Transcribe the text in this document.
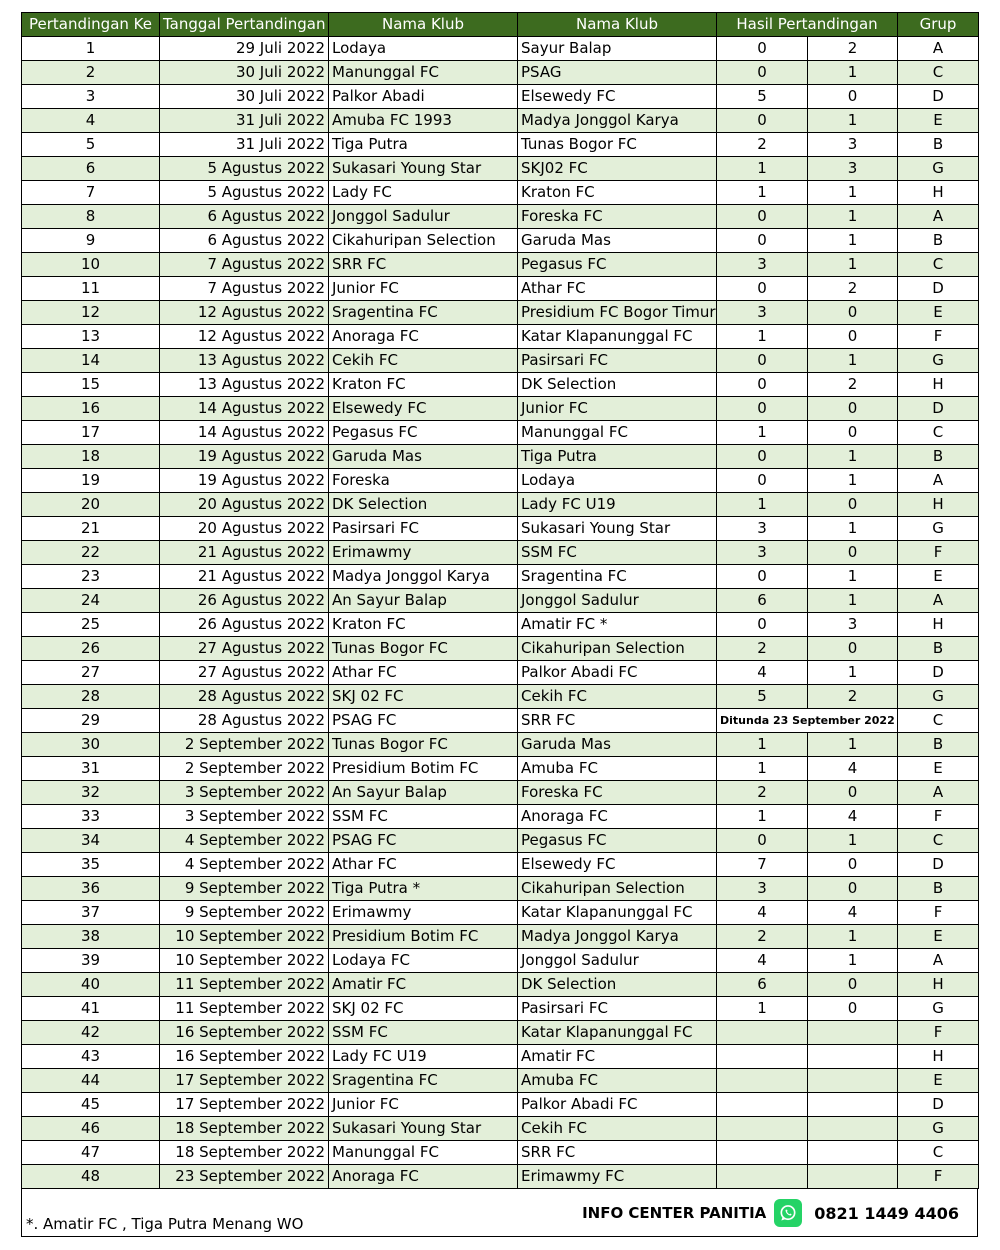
Pertandingan Ke	Tanggal Pertandingan	Nama Klub	Nama Klub	Hasil Pertandingan		Grup
1	29 Juli 2022	Lodaya	Sayur Balap	0	2	A
2	30 Juli 2022	Manunggal FC	PSAG	0	1	C
3	30 Juli 2022	Palkor Abadi	Elsewedy FC	5	0	D
4	31 Juli 2022	Amuba FC 1993	Madya Jonggol Karya	0	1	E
5	31 Juli 2022	Tiga Putra	Tunas Bogor FC	2	3	B
6	5 Agustus 2022	Sukasari Young Star	SKJ02 FC	1	3	G
7	5 Agustus 2022	Lady FC	Kraton FC	1	1	H
8	6 Agustus 2022	Jonggol Sadulur	Foreska FC	0	1	A
9	6 Agustus 2022	Cikahuripan Selection	Garuda Mas	0	1	B
10	7 Agustus 2022	SRR FC	Pegasus FC	3	1	C
11	7 Agustus 2022	Junior FC	Athar FC	0	2	D
12	12 Agustus 2022	Sragentina FC	Presidium FC Bogor Timur	3	0	E
13	12 Agustus 2022	Anoraga FC	Katar Klapanunggal FC	1	0	F
14	13 Agustus 2022	Cekih FC	Pasirsari FC	0	1	G
15	13 Agustus 2022	Kraton FC	DK Selection	0	2	H
16	14 Agustus 2022	Elsewedy FC	Junior FC	0	0	D
17	14 Agustus 2022	Pegasus FC	Manunggal FC	1	0	C
18	19 Agustus 2022	Garuda Mas	Tiga Putra	0	1	B
19	19 Agustus 2022	Foreska	Lodaya	0	1	A
20	20 Agustus 2022	DK Selection	Lady FC U19	1	0	H
21	20 Agustus 2022	Pasirsari FC	Sukasari Young Star	3	1	G
22	21 Agustus 2022	Erimawmy	SSM FC	3	0	F
23	21 Agustus 2022	Madya Jonggol Karya	Sragentina FC	0	1	E
24	26 Agustus 2022	An Sayur Balap	Jonggol Sadulur	6	1	A
25	26 Agustus 2022	Kraton FC	Amatir FC *	0	3	H
26	27 Agustus 2022	Tunas Bogor FC	Cikahuripan Selection	2	0	B
27	27 Agustus 2022	Athar FC	Palkor Abadi FC	4	1	D
28	28 Agustus 2022	SKJ 02 FC	Cekih FC	5	2	G
29	28 Agustus 2022	PSAG FC	SRR FC	Ditunda 23 September 2022		C
30	2 September 2022	Tunas Bogor FC	Garuda Mas	1	1	B
31	2 September 2022	Presidium Botim FC	Amuba FC	1	4	E
32	3 September 2022	An Sayur Balap	Foreska FC	2	0	A
33	3 September 2022	SSM FC	Anoraga FC	1	4	F
34	4 September 2022	PSAG FC	Pegasus FC	0	1	C
35	4 September 2022	Athar FC	Elsewedy FC	7	0	D
36	9 September 2022	Tiga Putra *	Cikahuripan Selection	3	0	B
37	9 September 2022	Erimawmy	Katar Klapanunggal FC	4	4	F
38	10 September 2022	Presidium Botim FC	Madya Jonggol Karya	2	1	E
39	10 September 2022	Lodaya FC	Jonggol Sadulur	4	1	A
40	11 September 2022	Amatir FC	DK Selection	6	0	H
41	11 September 2022	SKJ 02 FC	Pasirsari FC	1	0	G
42	16 September 2022	SSM FC	Katar Klapanunggal FC			F
43	16 September 2022	Lady FC U19	Amatir FC			H
44	17 September 2022	Sragentina FC	Amuba FC			E
45	17 September 2022	Junior FC	Palkor Abadi FC			D
46	18 September 2022	Sukasari Young Star	Cekih FC			G
47	18 September 2022	Manunggal FC	SRR FC			C
48	23 September 2022	Anoraga FC	Erimawmy FC			F
*. Amatir FC , Tiga Putra Menang WO
INFO CENTER PANITIA	0821 1449 4406
